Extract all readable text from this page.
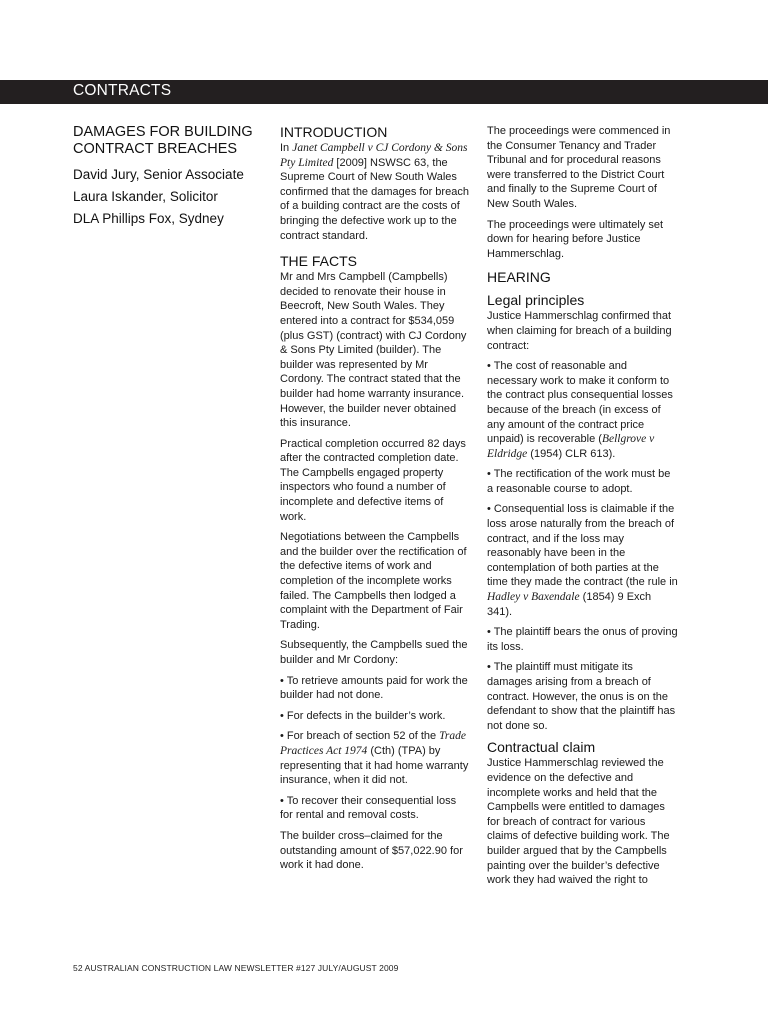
CONTRACTS
DAMAGES FOR BUILDING
CONTRACT BREACHES
David Jury, Senior Associate
Laura Iskander, Solicitor
DLA Phillips Fox, Sydney
INTRODUCTION

In Janet Campbell v CJ Cordony & Sons Pty Limited [2009] NSWSC 63, the Supreme Court of New South Wales confirmed that the damages for breach of a building contract are the costs of bringing the defective work up to the contract standard.

THE FACTS

Mr and Mrs Campbell (Campbells) decided to renovate their house in Beecroft, New South Wales. They entered into a contract for $534,059 (plus GST) (contract) with CJ Cordony & Sons Pty Limited (builder). The builder was represented by Mr Cordony. The contract stated that the builder had home warranty insurance. However, the builder never obtained this insurance.

Practical completion occurred 82 days after the contracted completion date. The Campbells engaged property inspectors who found a number of incomplete and defective items of work.

Negotiations between the Campbells and the builder over the rectification of the defective items of work and completion of the incomplete works failed. The Campbells then lodged a complaint with the Department of Fair Trading.

Subsequently, the Campbells sued the builder and Mr Cordony:

• To retrieve amounts paid for work the builder had not done.

• For defects in the builder’s work.

• For breach of section 52 of the Trade Practices Act 1974 (Cth) (TPA) by representing that it had home warranty insurance, when it did not.

• To recover their consequential loss for rental and removal costs.

The builder cross–claimed for the outstanding amount of $57,022.90 for work it had done.

The proceedings were commenced in the Consumer Tenancy and Trader Tribunal and for procedural reasons were transferred to the District Court and finally to the Supreme Court of New South Wales.

The proceedings were ultimately set down for hearing before Justice Hammerschlag.

HEARING
Legal principles

Justice Hammerschlag confirmed that when claiming for breach of a building contract:

• The cost of reasonable and necessary work to make it conform to the contract plus consequential losses because of the breach (in excess of any amount of the contract price unpaid) is recoverable (Bellgrove v Eldridge (1954) CLR 613).

• The rectification of the work must be a reasonable course to adopt.

• Consequential loss is claimable if the loss arose naturally from the breach of contract, and if the loss may reasonably have been in the contemplation of both parties at the time they made the contract (the rule in Hadley v Baxendale (1854) 9 Exch 341).

• The plaintiff bears the onus of proving its loss.

• The plaintiff must mitigate its damages arising from a breach of contract. However, the onus is on the defendant to show that the plaintiff has not done so.

Contractual claim

Justice Hammerschlag reviewed the evidence on the defective and incomplete works and held that the Campbells were entitled to damages for breach of contract for various claims of defective building work. The builder argued that by the Campbells painting over the builder’s defective work they had waived the right to

52 AUSTRALIAN CONSTRUCTION LAW NEWSLETTER #127 JULY/AUGUST 2009
